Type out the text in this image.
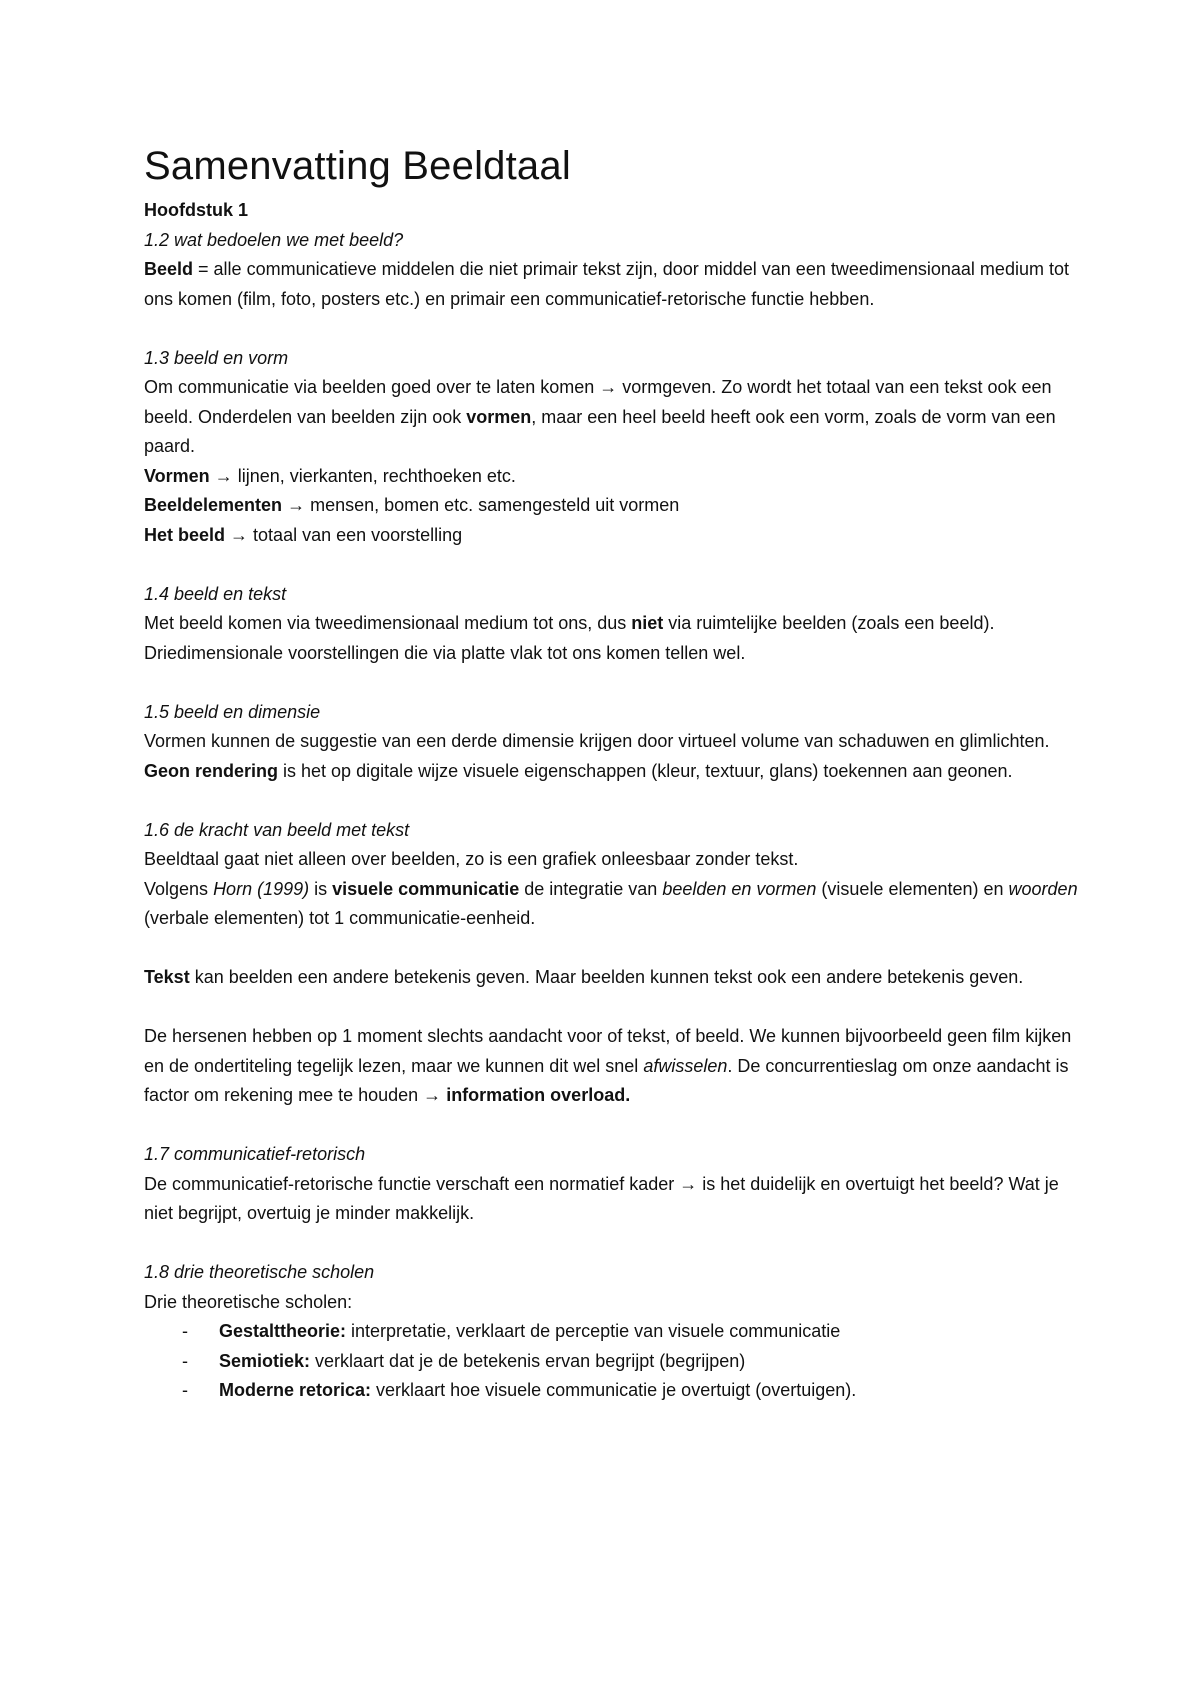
Samenvatting Beeldtaal

Hoofdstuk 1

1.2 wat bedoelen we met beeld?

Beeld = alle communicatieve middelen die niet primair tekst zijn, door middel van een tweedimensionaal medium tot ons komen (film, foto, posters etc.) en primair een communicatief-retorische functie hebben.

1.3 beeld en vorm

Om communicatie via beelden goed over te laten komen → vormgeven. Zo wordt het totaal van een tekst ook een beeld. Onderdelen van beelden zijn ook vormen, maar een heel beeld heeft ook een vorm, zoals de vorm van een paard.

Vormen → lijnen, vierkanten, rechthoeken etc.

Beeldelementen → mensen, bomen etc. samengesteld uit vormen

Het beeld → totaal van een voorstelling

1.4 beeld en tekst

Met beeld komen via tweedimensionaal medium tot ons, dus niet via ruimtelijke beelden (zoals een beeld). Driedimensionale voorstellingen die via platte vlak tot ons komen tellen wel.

1.5 beeld en dimensie

Vormen kunnen de suggestie van een derde dimensie krijgen door virtueel volume van schaduwen en glimlichten.

Geon rendering is het op digitale wijze visuele eigenschappen (kleur, textuur, glans) toekennen aan geonen.

1.6 de kracht van beeld met tekst

Beeldtaal gaat niet alleen over beelden, zo is een grafiek onleesbaar zonder tekst.

Volgens Horn (1999) is visuele communicatie de integratie van beelden en vormen (visuele elementen) en woorden (verbale elementen) tot 1 communicatie-eenheid.

Tekst kan beelden een andere betekenis geven. Maar beelden kunnen tekst ook een andere betekenis geven.

De hersenen hebben op 1 moment slechts aandacht voor of tekst, of beeld. We kunnen bijvoorbeeld geen film kijken en de ondertiteling tegelijk lezen, maar we kunnen dit wel snel afwisselen. De concurrentieslag om onze aandacht is factor om rekening mee te houden → information overload.

1.7 communicatief-retorisch

De communicatief-retorische functie verschaft een normatief kader → is het duidelijk en overtuigt het beeld? Wat je niet begrijpt, overtuig je minder makkelijk.

1.8 drie theoretische scholen

Drie theoretische scholen:

- Gestalttheorie: interpretatie, verklaart de perceptie van visuele communicatie
- Semiotiek: verklaart dat je de betekenis ervan begrijpt (begrijpen)
- Moderne retorica: verklaart hoe visuele communicatie je overtuigt (overtuigen).
